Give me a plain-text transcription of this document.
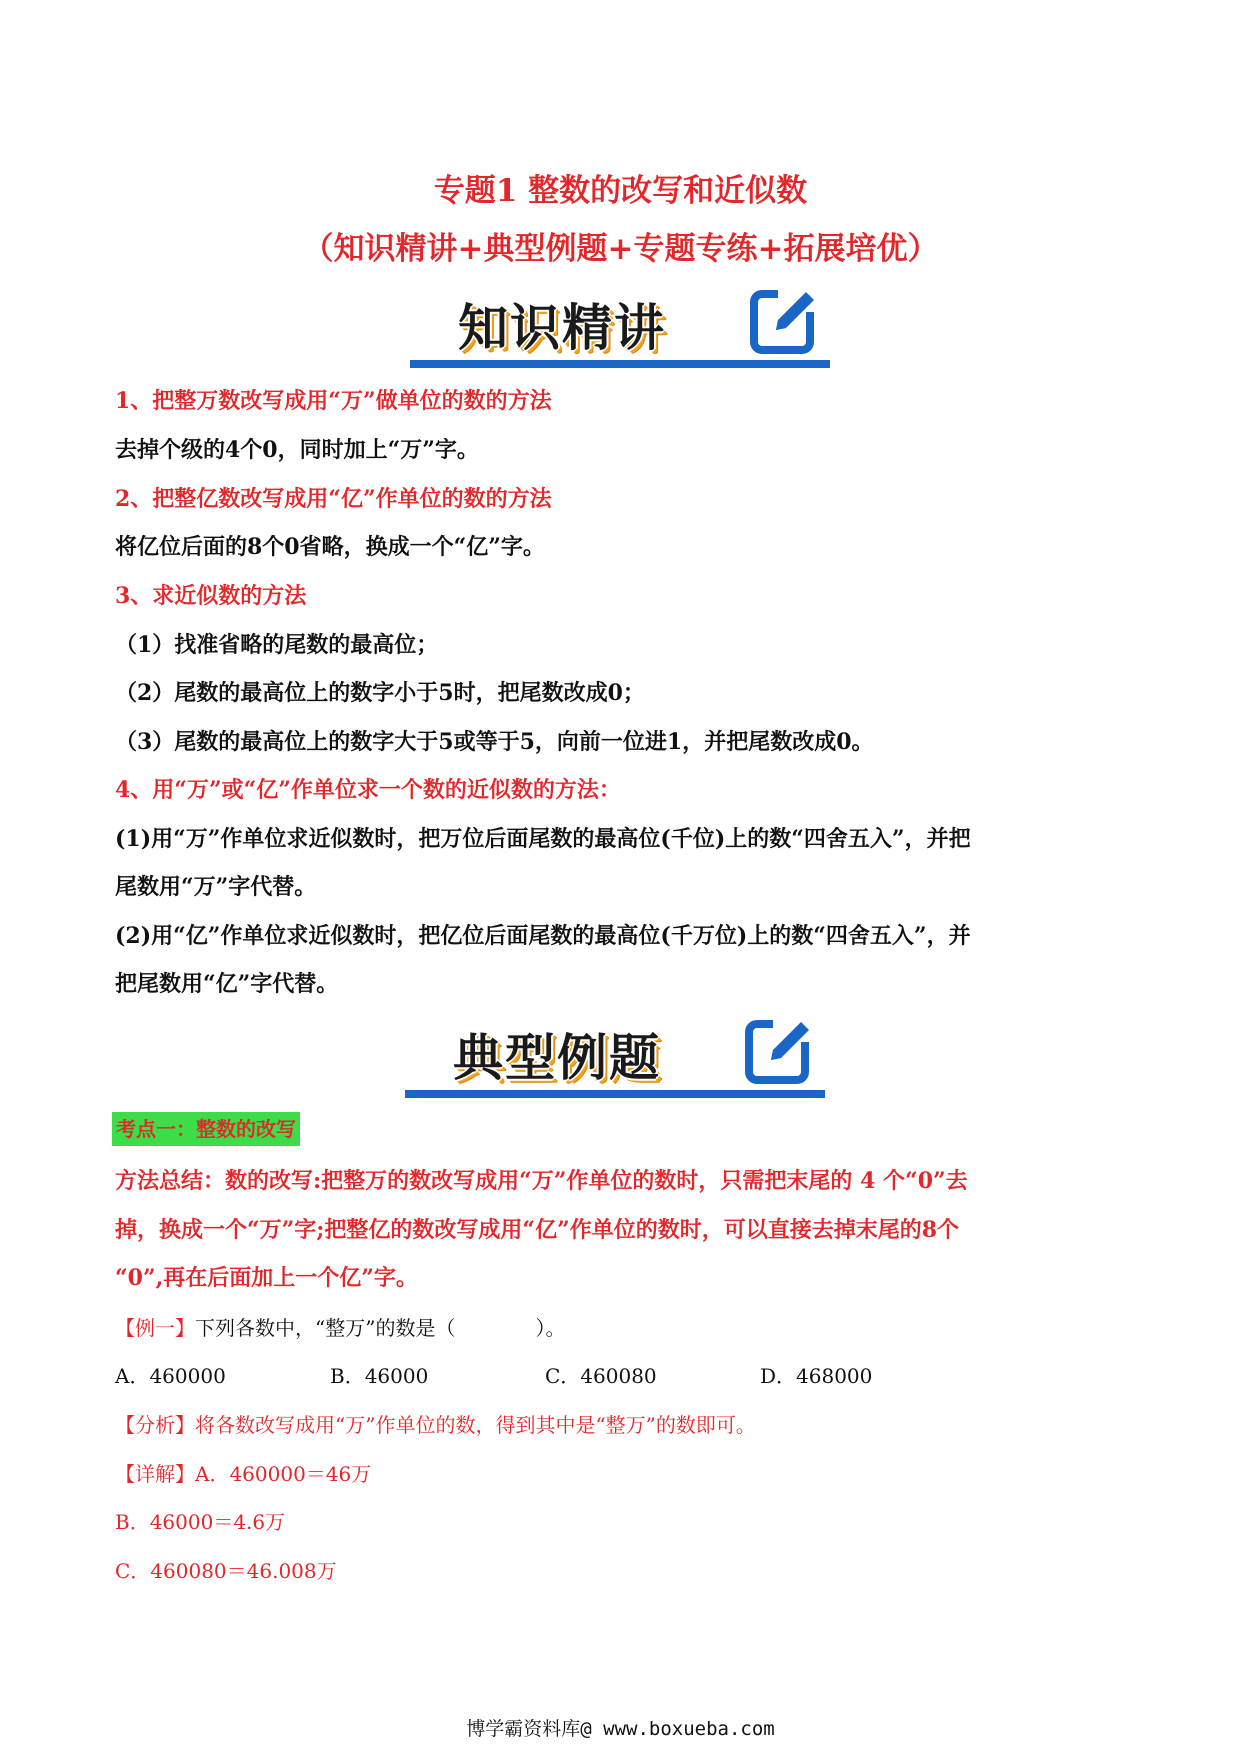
专题1 整数的改写和近似数
（知识精讲+典型例题+专题专练+拓展培优）
知识精讲
1、把整万数改写成用“万”做单位的数的方法
去掉个级的4个0，同时加上“万”字。
2、把整亿数改写成用“亿”作单位的数的方法
将亿位后面的8个0省略，换成一个“亿”字。
3、求近似数的方法
（1）找准省略的尾数的最高位；
（2）尾数的最高位上的数字小于5时，把尾数改成0；
（3）尾数的最高位上的数字大于5或等于5，向前一位进1，并把尾数改成0。
4、用“万”或“亿”作单位求一个数的近似数的方法：
(1)用“万”作单位求近似数时，把万位后面尾数的最高位(千位)上的数“四舍五入”，并把
尾数用“万”字代替。
(2)用“亿”作单位求近似数时，把亿位后面尾数的最高位(千万位)上的数“四舍五入”，并
把尾数用“亿”字代替。
典型例题
考点一：整数的改写
方法总结：数的改写:把整万的数改写成用“万”作单位的数时，只需把末尾的 4 个“0”去
掉，换成一个“万”字;把整亿的数改写成用“亿”作单位的数时，可以直接去掉末尾的8个
“0”,再在后面加上一个亿”字。
【例一】下列各数中，“整万”的数是（　　　　）。
A．460000	B．46000	C．460080	D．468000
【分析】将各数改写成用“万”作单位的数，得到其中是“整万”的数即可。
【详解】A．460000＝46万
B．46000＝4.6万
C．460080＝46.008万
博学霸资料库@ www.boxueba.com
